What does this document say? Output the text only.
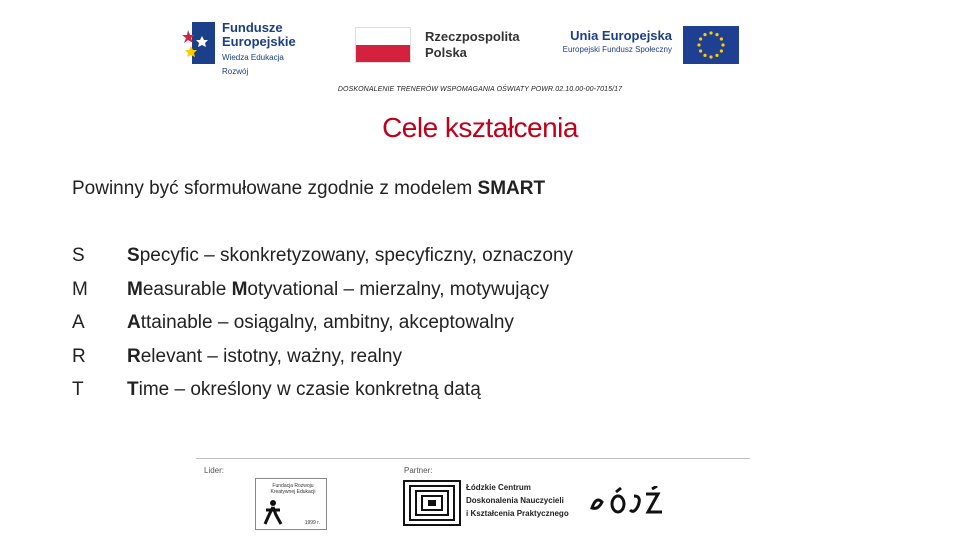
Fundusze
Europejskie
Wiedza Edukacja Rozwój
Rzeczpospolita
Polska
Unia Europejska
Europejski Fundusz Społeczny
DOSKONALENIE TRENERÓW WSPOMAGANIA OŚWIATY POWR.02.10.00-00-7015/17
Cele kształcenia
Powinny być sformułowane zgodnie z modelem SMART
S
M
A
R
T
Specyfic – skonkretyzowany, specyficzny, oznaczony
Measurable Motyvational – mierzalny, motywujący
Attainable – osiągalny, ambitny, akceptowalny
Relevant – istotny, ważny, realny
Time – określony w czasie konkretną datą
Lider:	Partner:
Fundacja Rozwoju Kreatywnej Edukacji
1999 r.
Łódzkie Centrum
Doskonalenia Nauczycieli
i Kształcenia Praktycznego
